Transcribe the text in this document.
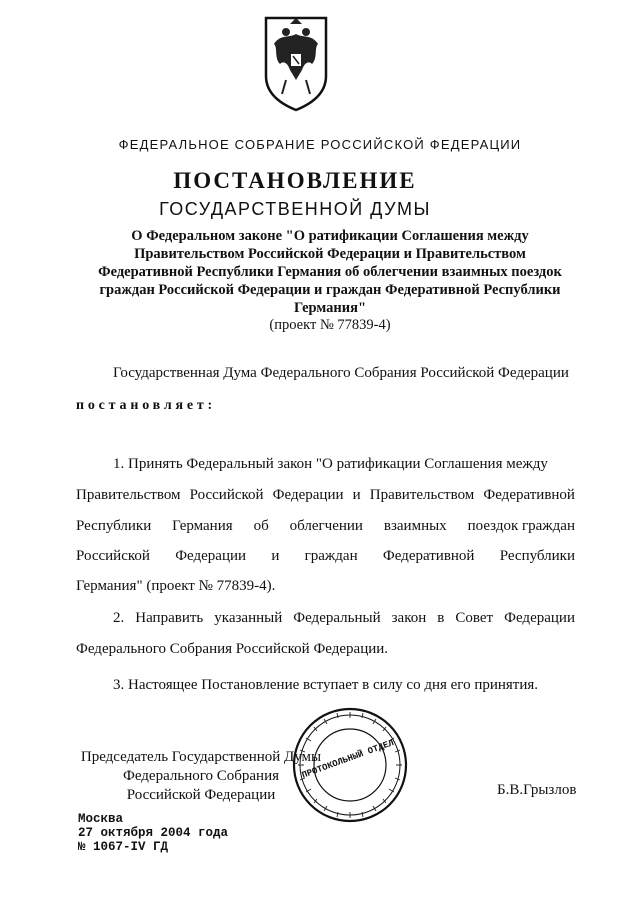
ФЕДЕРАЛЬНОЕ СОБРАНИЕ РОССИЙСКОЙ ФЕДЕРАЦИИ
ПОСТАНОВЛЕНИЕ
ГОСУДАРСТВЕННОЙ ДУМЫ
О Федеральном законе "О ратификации Соглашения между
Правительством Российской Федерации и Правительством
Федеративной Республики Германия об облегчении взаимных поездок
граждан Российской Федерации и граждан Федеративной Республики
Германия"
(проект № 77839-4)
Государственная Дума Федерального Собрания Российской Федерации
постановляет:
1. Принять Федеральный закон "О ратификации Соглашения между
Правительством Российской Федерации и Правительством Федеративной
Республики Германия об облегчении взаимных поездок граждан
Российской Федерации и граждан Федеративной Республики
Германия" (проект № 77839-4).
2. Направить указанный Федеральный закон в Совет Федерации
Федерального Собрания Российской Федерации.
3. Настоящее Постановление вступает в силу со дня его принятия.
Председатель Государственной Думы
Федерального Собрания
Российской Федерации	Б.В.Грызлов
ПРОТОКОЛЬНЫЙ ОТДЕЛ
Москва
27 октября 2004 года
№ 1067-IV ГД
